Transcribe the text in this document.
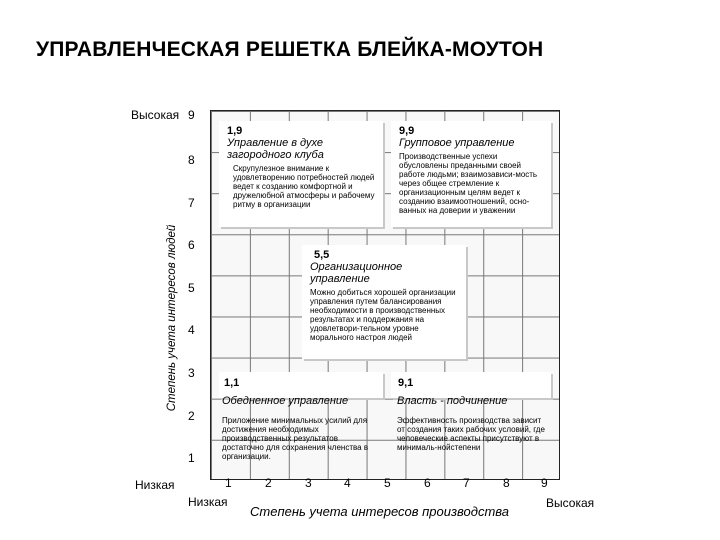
УПРАВЛЕНЧЕСКАЯ РЕШЕТКА БЛЕЙКА-МОУТОН
Высокая
Низкая
Степень учета интересов людей
9
8
7
6
5
4
3
2
1
1	2	3	4	5	6	7	8	9
Низкая	Высокая
Степень учета интересов производства
1,9
Управление в духе загородного клуба
Скрупулезное внимание к удовлетворению потребностей людей ведет к созданию комфортной и дружелюбной атмосферы и рабочему ритму в организации
9,9
Групповое управление
Производственные успехи обусловлены преданными своей работе людьми; взаимозависи-мость через общее стремление к организационным целям ведет к созданию взаимоотношений, осно-ванных на доверии и уважении
5,5
Организационное управление
Можно добиться хорошей организации управления путем балансирования необходимости в производственных результатах и поддержания на удовлетвори-тельном уровне морального настроя людей
1,1
Обедненное управление
Приложение минимальных усилий для достижения необходимых производственных результатов достаточно для сохранения членства в организации.
9,1
Власть - подчинение
Эффективность производства зависит от создания таких рабочих условий, где человеческие аспекты присутствуют в минималь-нойстепени
